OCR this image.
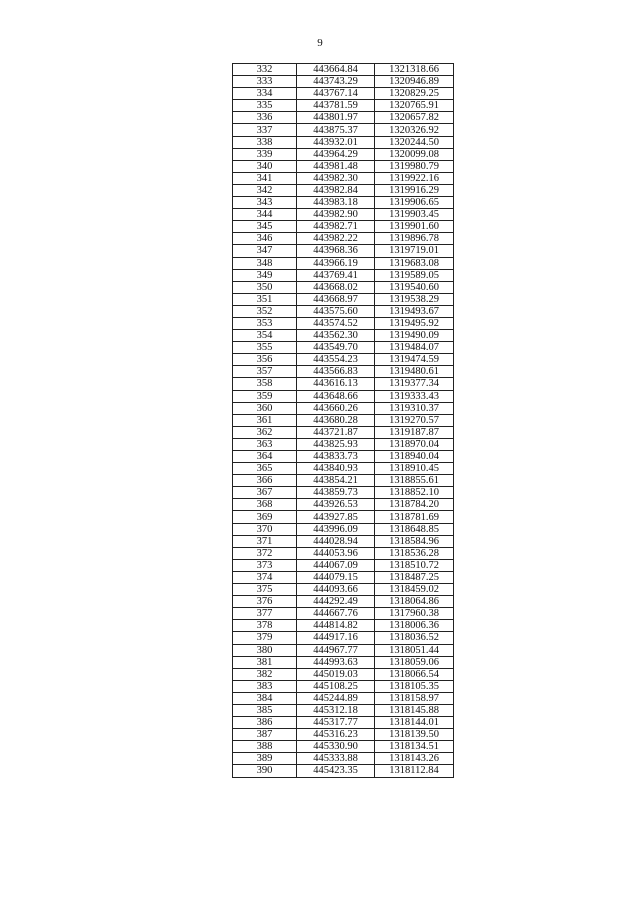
9
332	443664.84	1321318.66
333	443743.29	1320946.89
334	443767.14	1320829.25
335	443781.59	1320765.91
336	443801.97	1320657.82
337	443875.37	1320326.92
338	443932.01	1320244.50
339	443964.29	1320099.08
340	443981.48	1319980.79
341	443982.30	1319922.16
342	443982.84	1319916.29
343	443983.18	1319906.65
344	443982.90	1319903.45
345	443982.71	1319901.60
346	443982.22	1319896.78
347	443968.36	1319719.01
348	443966.19	1319683.08
349	443769.41	1319589.05
350	443668.02	1319540.60
351	443668.97	1319538.29
352	443575.60	1319493.67
353	443574.52	1319495.92
354	443562.30	1319490.09
355	443549.70	1319484.07
356	443554.23	1319474.59
357	443566.83	1319480.61
358	443616.13	1319377.34
359	443648.66	1319333.43
360	443660.26	1319310.37
361	443680.28	1319270.57
362	443721.87	1319187.87
363	443825.93	1318970.04
364	443833.73	1318940.04
365	443840.93	1318910.45
366	443854.21	1318855.61
367	443859.73	1318852.10
368	443926.53	1318784.20
369	443927.85	1318781.69
370	443996.09	1318648.85
371	444028.94	1318584.96
372	444053.96	1318536.28
373	444067.09	1318510.72
374	444079.15	1318487.25
375	444093.66	1318459.02
376	444292.49	1318064.86
377	444667.76	1317960.38
378	444814.82	1318006.36
379	444917.16	1318036.52
380	444967.77	1318051.44
381	444993.63	1318059.06
382	445019.03	1318066.54
383	445108.25	1318105.35
384	445244.89	1318158.97
385	445312.18	1318145.88
386	445317.77	1318144.01
387	445316.23	1318139.50
388	445330.90	1318134.51
389	445333.88	1318143.26
390	445423.35	1318112.84
